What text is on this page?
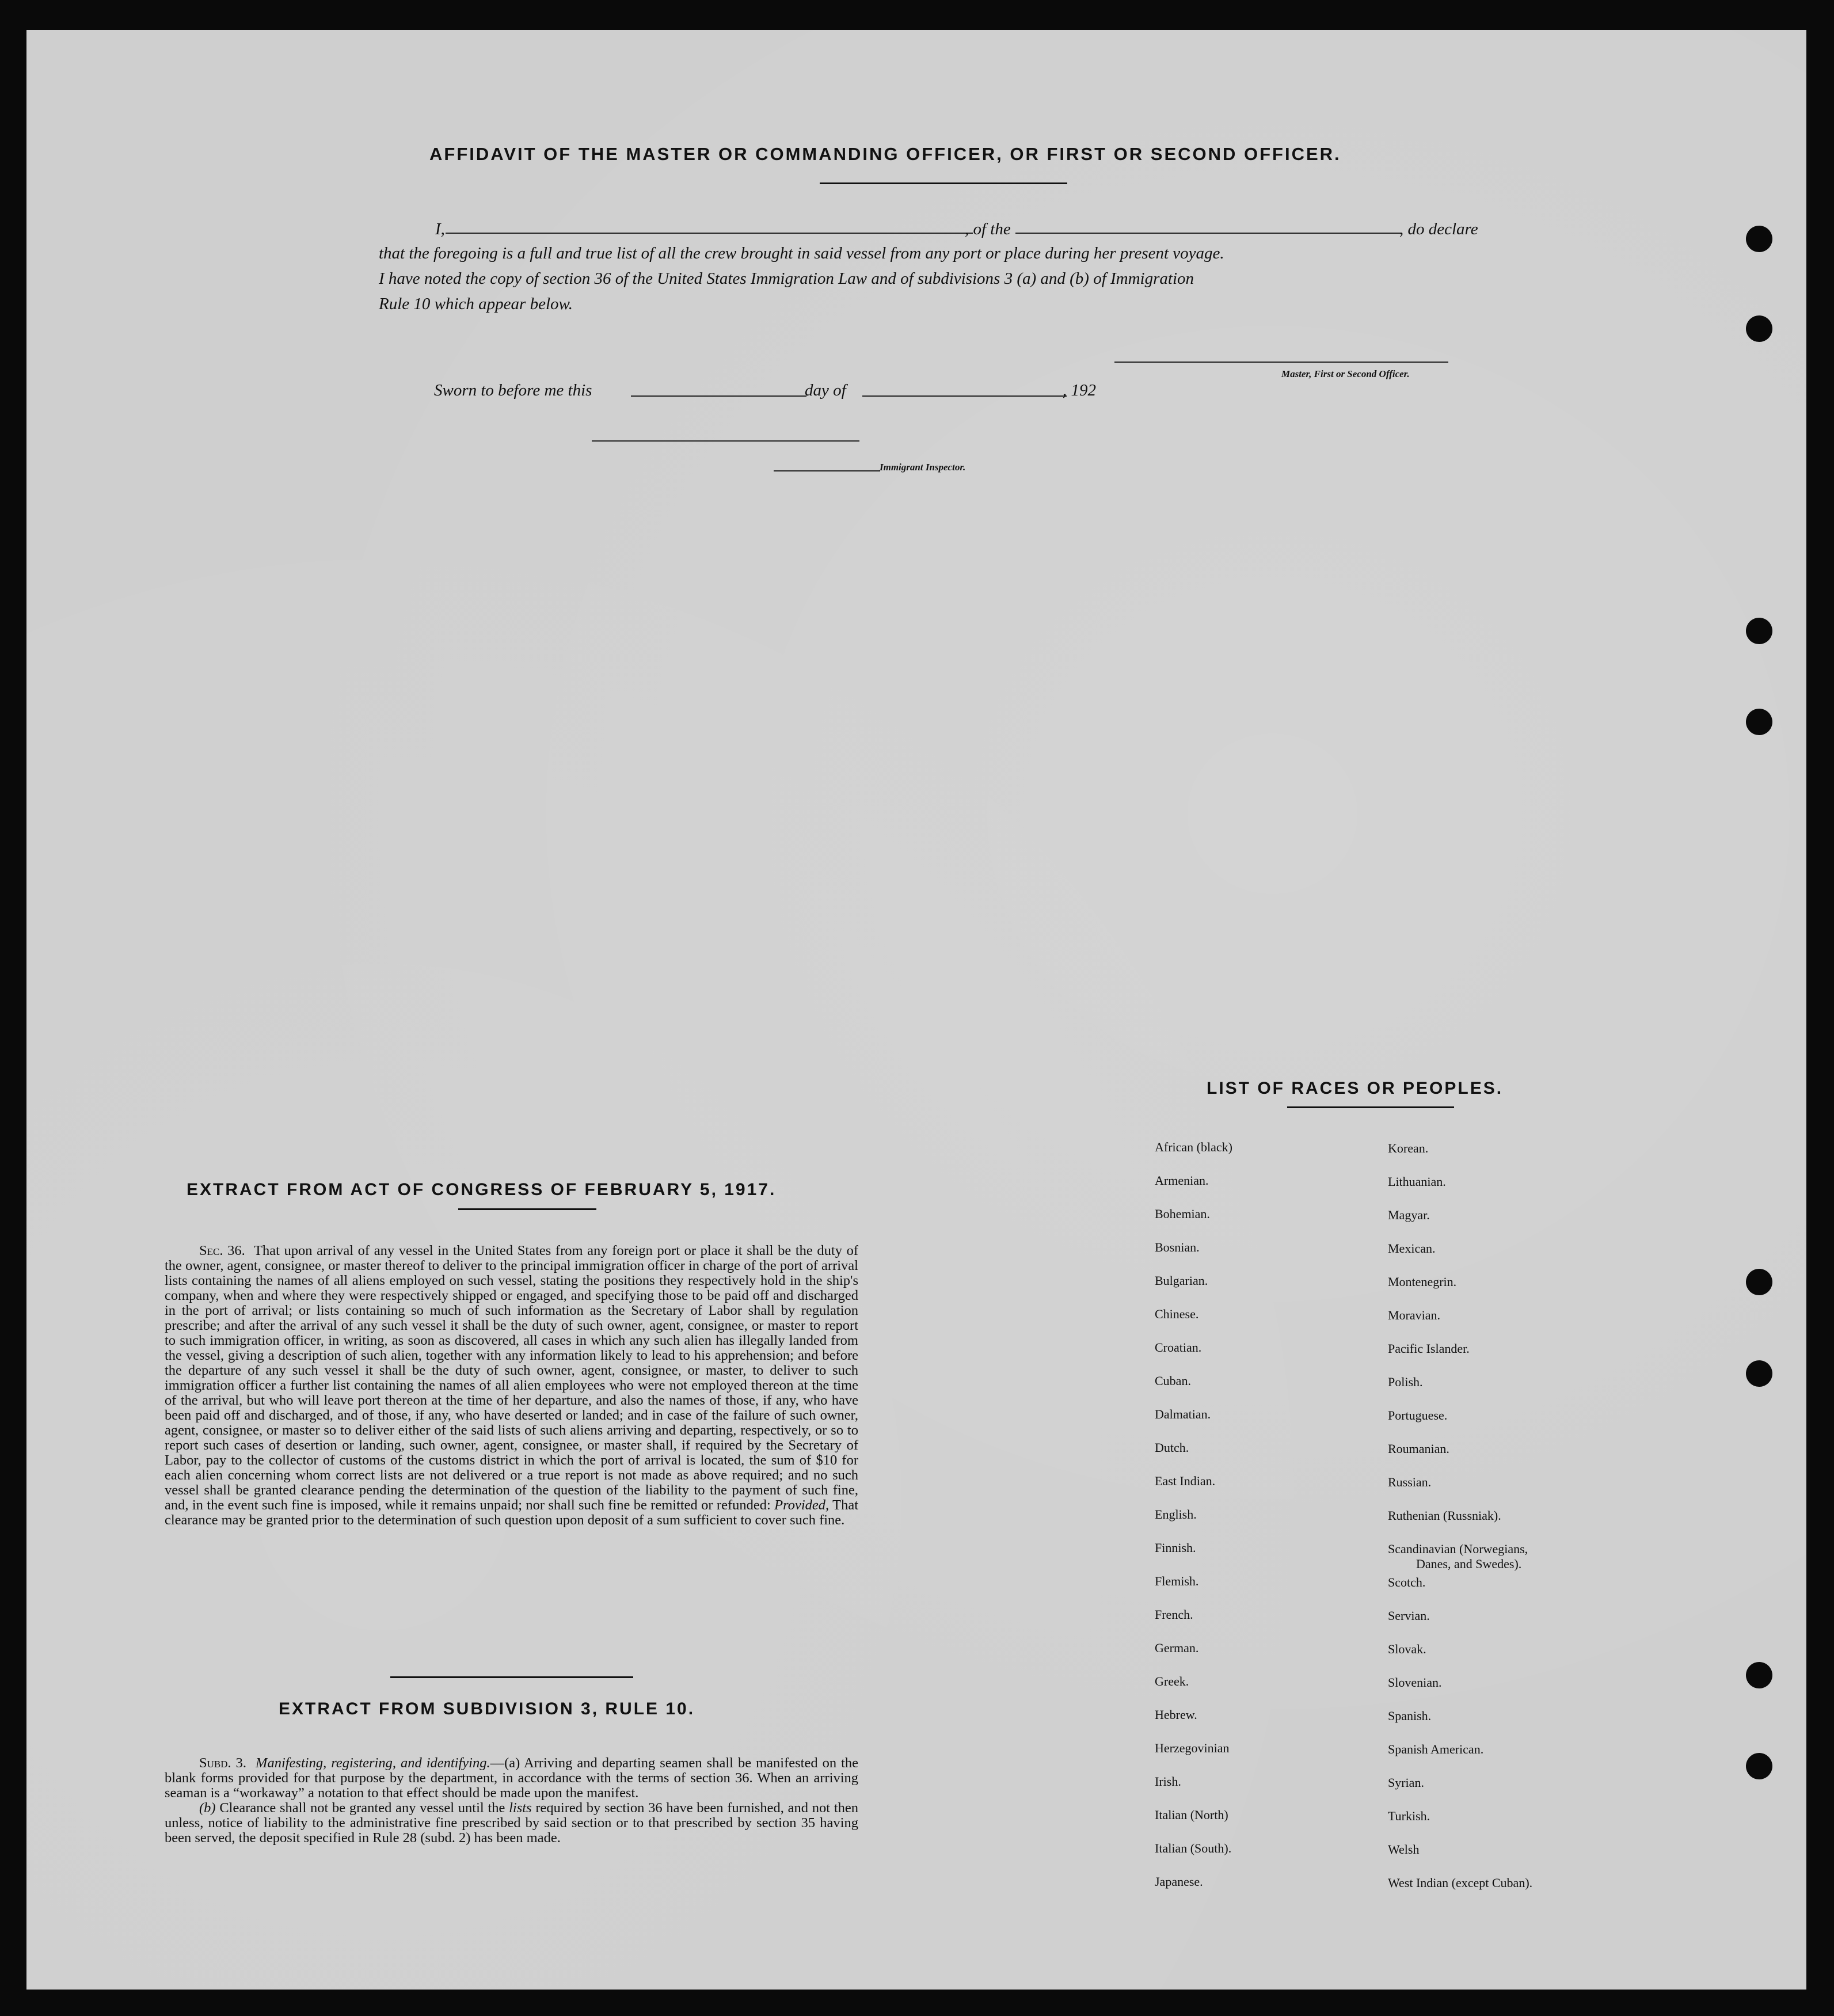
AFFIDAVIT OF THE MASTER OR COMMANDING OFFICER, OR FIRST OR SECOND OFFICER.
I,	, of the	, do declare
that the foregoing is a full and true list of all the crew brought in said vessel from any port or place during her present voyage.
I have noted the copy of section 36 of the United States Immigration Law and of subdivisions 3 (a) and (b) of Immigration
Rule 10 which appear below.
Master, First or Second Officer.
Sworn to before me this	day of	, 192
Immigrant Inspector.
EXTRACT FROM ACT OF CONGRESS OF FEBRUARY 5, 1917.

Sec. 36. That upon arrival of any vessel in the United States from any foreign port or place it shall be the duty of the owner, agent, consignee, or master thereof to deliver to the principal immigration officer in charge of the port of arrival lists containing the names of all aliens employed on such vessel, stating the positions they respectively hold in the ship's company, when and where they were respectively shipped or engaged, and specifying those to be paid off and discharged in the port of arrival; or lists containing so much of such information as the Secretary of Labor shall by regulation prescribe; and after the arrival of any such vessel it shall be the duty of such owner, agent, consignee, or master to report to such immigration officer, in writing, as soon as discovered, all cases in which any such alien has illegally landed from the vessel, giving a description of such alien, together with any information likely to lead to his apprehension; and before the departure of any such vessel it shall be the duty of such owner, agent, consignee, or master, to deliver to such immigration officer a further list containing the names of all alien employees who were not employed thereon at the time of the arrival, but who will leave port thereon at the time of her departure, and also the names of those, if any, who have been paid off and discharged, and of those, if any, who have deserted or landed; and in case of the failure of such owner, agent, consignee, or master so to deliver either of the said lists of such aliens arriving and departing, respectively, or so to report such cases of desertion or landing, such owner, agent, consignee, or master shall, if required by the Secretary of Labor, pay to the collector of customs of the customs district in which the port of arrival is located, the sum of $10 for each alien concerning whom correct lists are not delivered or a true report is not made as above required; and no such vessel shall be granted clearance pending the determination of the question of the liability to the payment of such fine, and, in the event such fine is imposed, while it remains unpaid; nor shall such fine be remitted or refunded: Provided, That clearance may be granted prior to the determination of such question upon deposit of a sum sufficient to cover such fine.

EXTRACT FROM SUBDIVISION 3, RULE 10.

Subd. 3. Manifesting, registering, and identifying.—(a) Arriving and departing seamen shall be manifested on the blank forms provided for that purpose by the department, in accordance with the terms of section 36. When an arriving seaman is a “workaway” a notation to that effect should be made upon the manifest.

(b) Clearance shall not be granted any vessel until the lists required by section 36 have been furnished, and not then unless, notice of liability to the administrative fine prescribed by said section or to that prescribed by section 35 having been served, the deposit specified in Rule 28 (subd. 2) has been made.

LIST OF RACES OR PEOPLES.
African (black)
Armenian.
Bohemian.
Bosnian.
Bulgarian.
Chinese.
Croatian.
Cuban.
Dalmatian.
Dutch.
East Indian.
English.
Finnish.
Flemish.
French.
German.
Greek.
Hebrew.
Herzegovinian
Irish.
Italian (North)
Italian (South).
Japanese.
Korean.
Lithuanian.
Magyar.
Mexican.
Montenegrin.
Moravian.
Pacific Islander.
Polish.
Portuguese.
Roumanian.
Russian.
Ruthenian (Russniak).
Scandinavian (Norwegians,
Danes, and Swedes).
Scotch.
Servian.
Slovak.
Slovenian.
Spanish.
Spanish American.
Syrian.
Turkish.
Welsh
West Indian (except Cuban).
